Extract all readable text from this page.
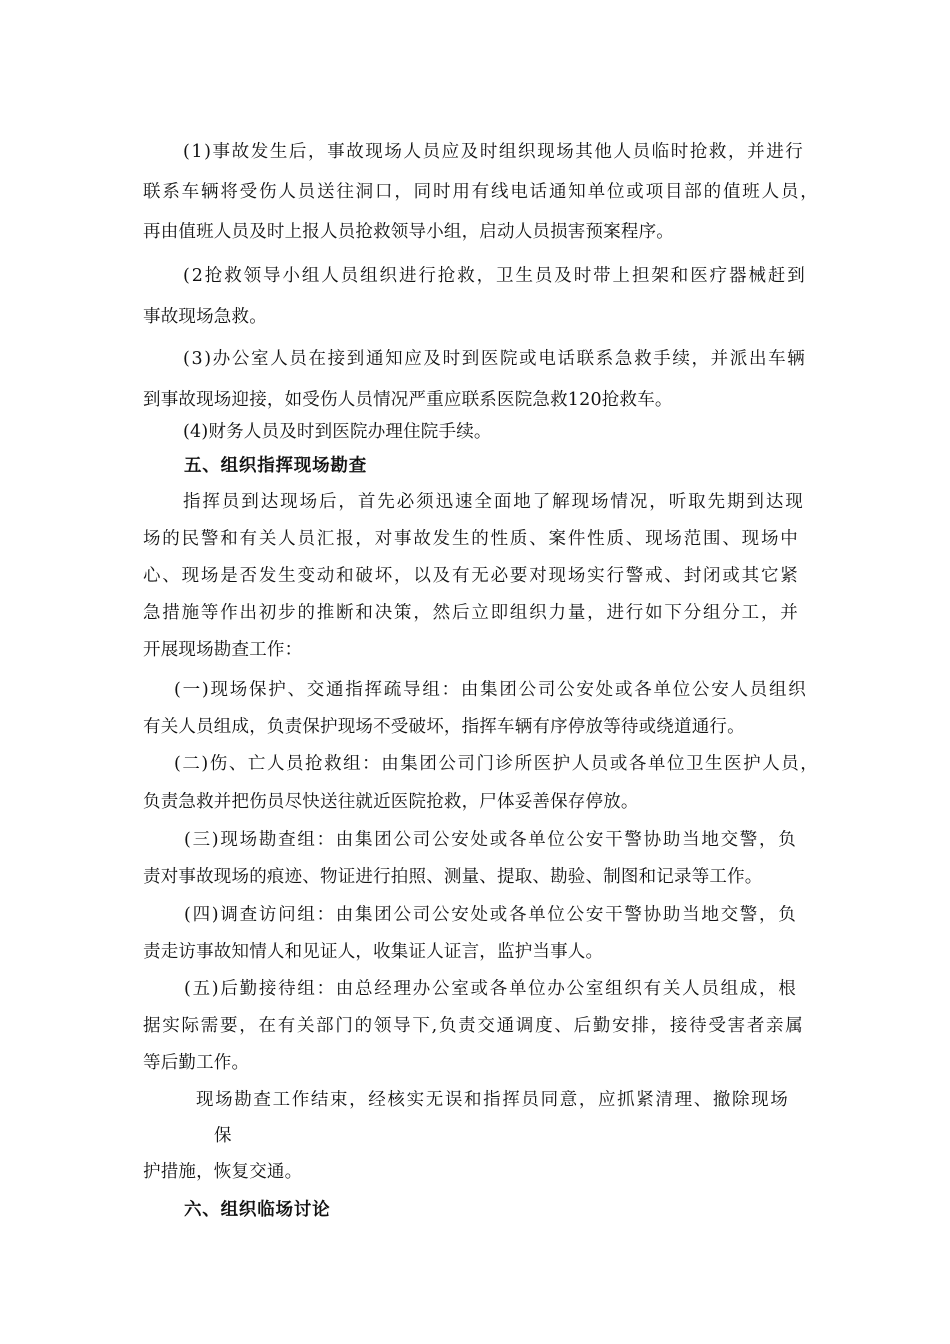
(1)事故发生后，事故现场人员应及时组织现场其他人员临时抢救，并进行
联系车辆将受伤人员送往洞口，同时用有线电话通知单位或项目部的值班人员，
再由值班人员及时上报人员抢救领导小组，启动人员损害预案程序。
(2抢救领导小组人员组织进行抢救，卫生员及时带上担架和医疗器械赶到
事故现场急救。
(3)办公室人员在接到通知应及时到医院或电话联系急救手续，并派出车辆
到事故现场迎接，如受伤人员情况严重应联系医院急救120抢救车。
(4)财务人员及时到医院办理住院手续。
五、组织指挥现场勘查
指挥员到达现场后，首先必须迅速全面地了解现场情况，听取先期到达现
场的民警和有关人员汇报，对事故发生的性质、案件性质、现场范围、现场中
心、现场是否发生变动和破坏，以及有无必要对现场实行警戒、封闭或其它紧
急措施等作出初步的推断和决策，然后立即组织力量，进行如下分组分工，并
开展现场勘查工作：
(一)现场保护、交通指挥疏导组：由集团公司公安处或各单位公安人员组织
有关人员组成，负责保护现场不受破坏，指挥车辆有序停放等待或绕道通行。
(二)伤、亡人员抢救组：由集团公司门诊所医护人员或各单位卫生医护人员，
负责急救并把伤员尽快送往就近医院抢救，尸体妥善保存停放。
(三)现场勘查组：由集团公司公安处或各单位公安干警协助当地交警，负
责对事故现场的痕迹、物证进行拍照、测量、提取、勘验、制图和记录等工作。
(四)调查访问组：由集团公司公安处或各单位公安干警协助当地交警，负
责走访事故知情人和见证人，收集证人证言，监护当事人。
(五)后勤接待组：由总经理办公室或各单位办公室组织有关人员组成，根
据实际需要，在有关部门的领导下,负责交通调度、后勤安排，接待受害者亲属
等后勤工作。
现场勘查工作结束，经核实无误和指挥员同意，应抓紧清理、撤除现场
保
护措施，恢复交通。
六、组织临场讨论
